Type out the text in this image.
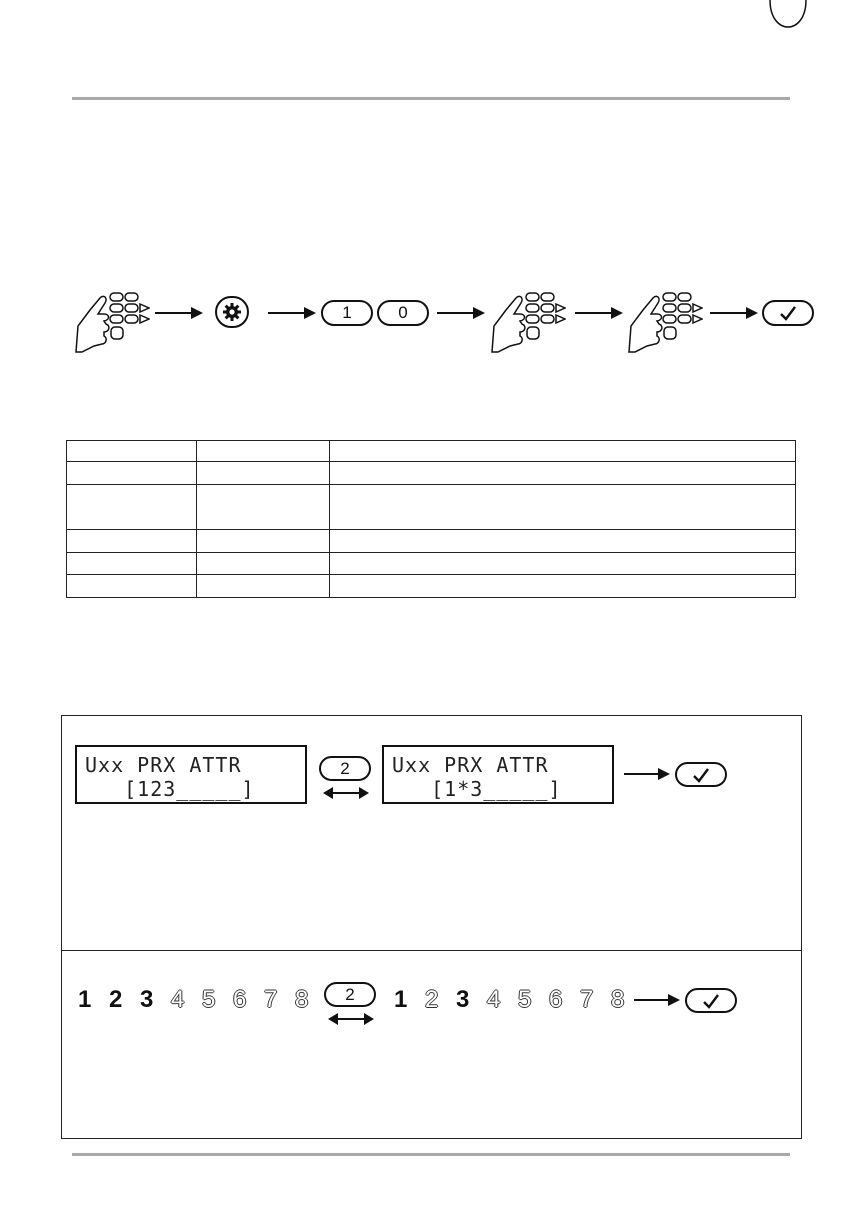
1	0

Uxx PRX ATTR
[123_____]
2	Uxx PRX ATTR
[1*3_____]
1 2 3 4 5 6 7 8	2	1 2 3 4 5 6 7 8
